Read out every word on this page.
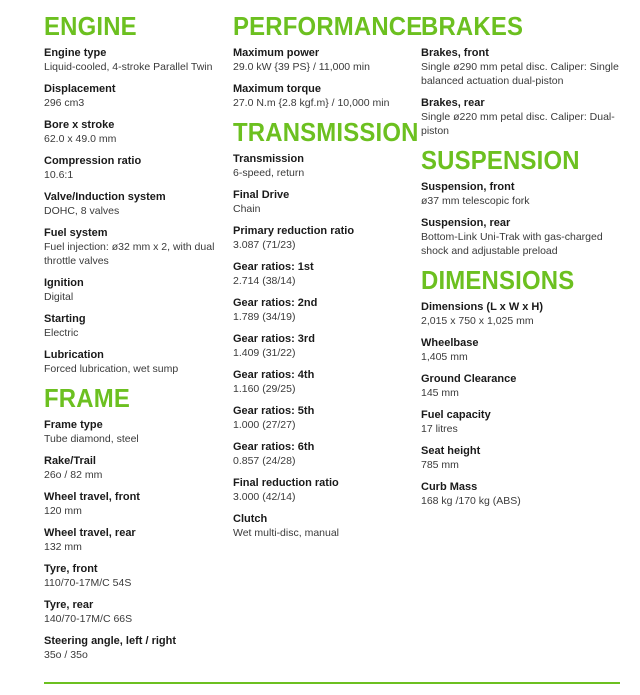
ENGINE
Engine type
Liquid-cooled, 4-stroke Parallel Twin
Displacement
296 cm3
Bore x stroke
62.0 x 49.0 mm
Compression ratio
10.6:1
Valve/Induction system
DOHC, 8 valves
Fuel system
Fuel injection: ø32 mm x 2, with dual throttle valves
Ignition
Digital
Starting
Electric
Lubrication
Forced lubrication, wet sump
FRAME
Frame type
Tube diamond, steel
Rake/Trail
26o / 82 mm
Wheel travel, front
120 mm
Wheel travel, rear
132 mm
Tyre, front
110/70-17M/C 54S
Tyre, rear
140/70-17M/C 66S
Steering angle, left / right
35o / 35o
PERFORMANCE
Maximum power
29.0 kW {39 PS} / 11,000 min
Maximum torque
27.0 N.m {2.8 kgf.m} / 10,000 min
TRANSMISSION
Transmission
6-speed, return
Final Drive
Chain
Primary reduction ratio
3.087 (71/23)
Gear ratios: 1st
2.714 (38/14)
Gear ratios: 2nd
1.789 (34/19)
Gear ratios: 3rd
1.409 (31/22)
Gear ratios: 4th
1.160 (29/25)
Gear ratios: 5th
1.000 (27/27)
Gear ratios: 6th
0.857 (24/28)
Final reduction ratio
3.000 (42/14)
Clutch
Wet multi-disc, manual
BRAKES
Brakes, front
Single ø290 mm petal disc. Caliper: Single balanced actuation dual-piston
Brakes, rear
Single ø220 mm petal disc. Caliper: Dual-piston
SUSPENSION
Suspension, front
ø37 mm telescopic fork
Suspension, rear
Bottom-Link Uni-Trak with gas-charged shock and adjustable preload
DIMENSIONS
Dimensions (L x W x H)
2,015 x 750 x 1,025 mm
Wheelbase
1,405 mm
Ground Clearance
145 mm
Fuel capacity
17 litres
Seat height
785 mm
Curb Mass
168 kg /170 kg (ABS)
